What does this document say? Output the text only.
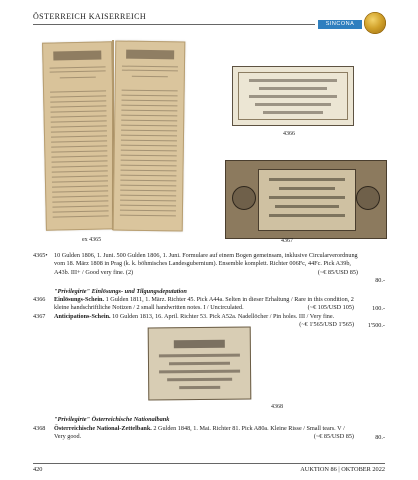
ÖSTERREICH KAISERREICH
SINCONA
ex 4365
4366
4367
4368
4365•	10 Gulden 1806, 1. Juni. 500 Gulden 1806, 1. Juni. Formulare auf einem Bogen gemeinsam, inklusive Circularverordnung vom 18. März 1808 in Prag (k. k. böhmisches Landesgubernium). Ensemble komplett. Richter 006Fc, 44Fc. Pick A39b, A43b. III+ / Good very fine. (2)	(~€ 85/USD 85)
80.-
"Privilegirte" Einlösungs- und Tilgungsdeputation
4366	Einlösungs-Schein. 1 Gulden 1811, 1. März. Richter 45. Pick A44a. Selten in dieser Erhaltung / Rare in this condition, 2 kleine handschriftliche Notizen / 2 small handwritten notes. I / Uncirculated.	(~€ 105/USD 105)	100.-
4367	Anticipations-Schein. 10 Gulden 1813, 16. April. Richter 53. Pick A52a. Nadellöcher / Pin holes. III / Very fine.
(~€ 1'565/USD 1'565) 1'500.-
"Privilegirte" Österreichische Nationalbank
4368	Österreichische National-Zettelbank. 2 Gulden 1848, 1. Mai. Richter 81. Pick A80a. Kleine Risse / Small tears. V / Very good.	(~€ 85/USD 85)	80.-
420	AUKTION 86 | OKTOBER 2022
